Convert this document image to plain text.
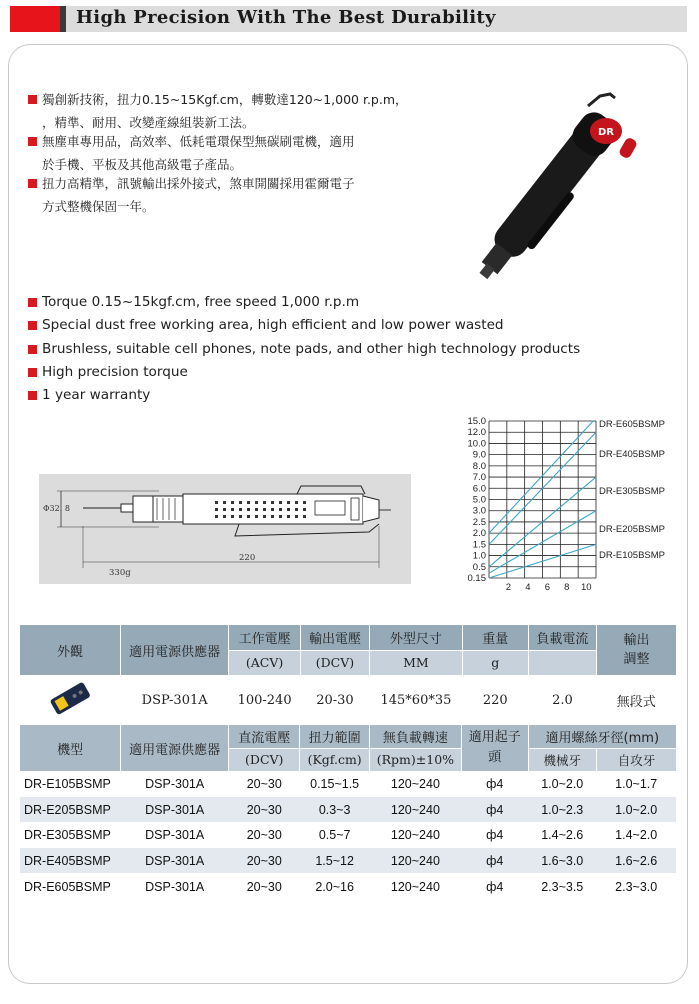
High Precision With The Best Durability
獨創新技術，扭力0.15~15Kgf.cm，轉數達120~1,000 r.p.m，
，精準、耐用、改變產線組裝新工法。
無塵車專用品，高效率、低耗電環保型無碳刷電機，適用
於手機、平板及其他高級電子產品。
扭力高精準，訊號輸出採外接式，煞車開關採用霍爾電子
方式整機保固一年。
DR
Torque 0.15~15kgf.cm, free speed 1,000 r.p.m
Special dust free working area, high efficient and low power wasted
Brushless, suitable cell phones, note pads, and other high technology products
High precision torque
1 year warranty
Φ32. 8
220
330g
15.0
12.0
10.0
9.0
8.0
7.0
6.0
5.0
3.0
2.5
2.0
1.5
1.0
0.5
0.15
2 4 6 8 10
DR-E605BSMP
DR-E405BSMP
DR-E305BSMP
DR-E205BSMP
DR-E105BSMP
外觀	適用電源供應器	工作電壓	輸出電壓	外型尺寸	重量	負載電流	輸出調整

		(ACV)	(DCV)	MM	g		
	DSP-301A	100-240	20-30	145*60*35	220	2.0	無段式
機型	適用電源供應器	直流電壓	扭力範圍	無負載轉速	適用起子頭	適用螺絲牙徑(mm)	
		(DCV)	(Kgf.cm)	(Rpm)±10%		機械牙	自攻牙
DR-E105BSMP	DSP-301A	20~30	0.15~1.5	120~240	ф4	1.0~2.0	1.0~1.7
DR-E205BSMP	DSP-301A	20~30	0.3~3	120~240	ф4	1.0~2.3	1.0~2.0
DR-E305BSMP	DSP-301A	20~30	0.5~7	120~240	ф4	1.4~2.6	1.4~2.0
DR-E405BSMP	DSP-301A	20~30	1.5~12	120~240	ф4	1.6~3.0	1.6~2.6
DR-E605BSMP	DSP-301A	20~30	2.0~16	120~240	ф4	2.3~3.5	2.3~3.0
